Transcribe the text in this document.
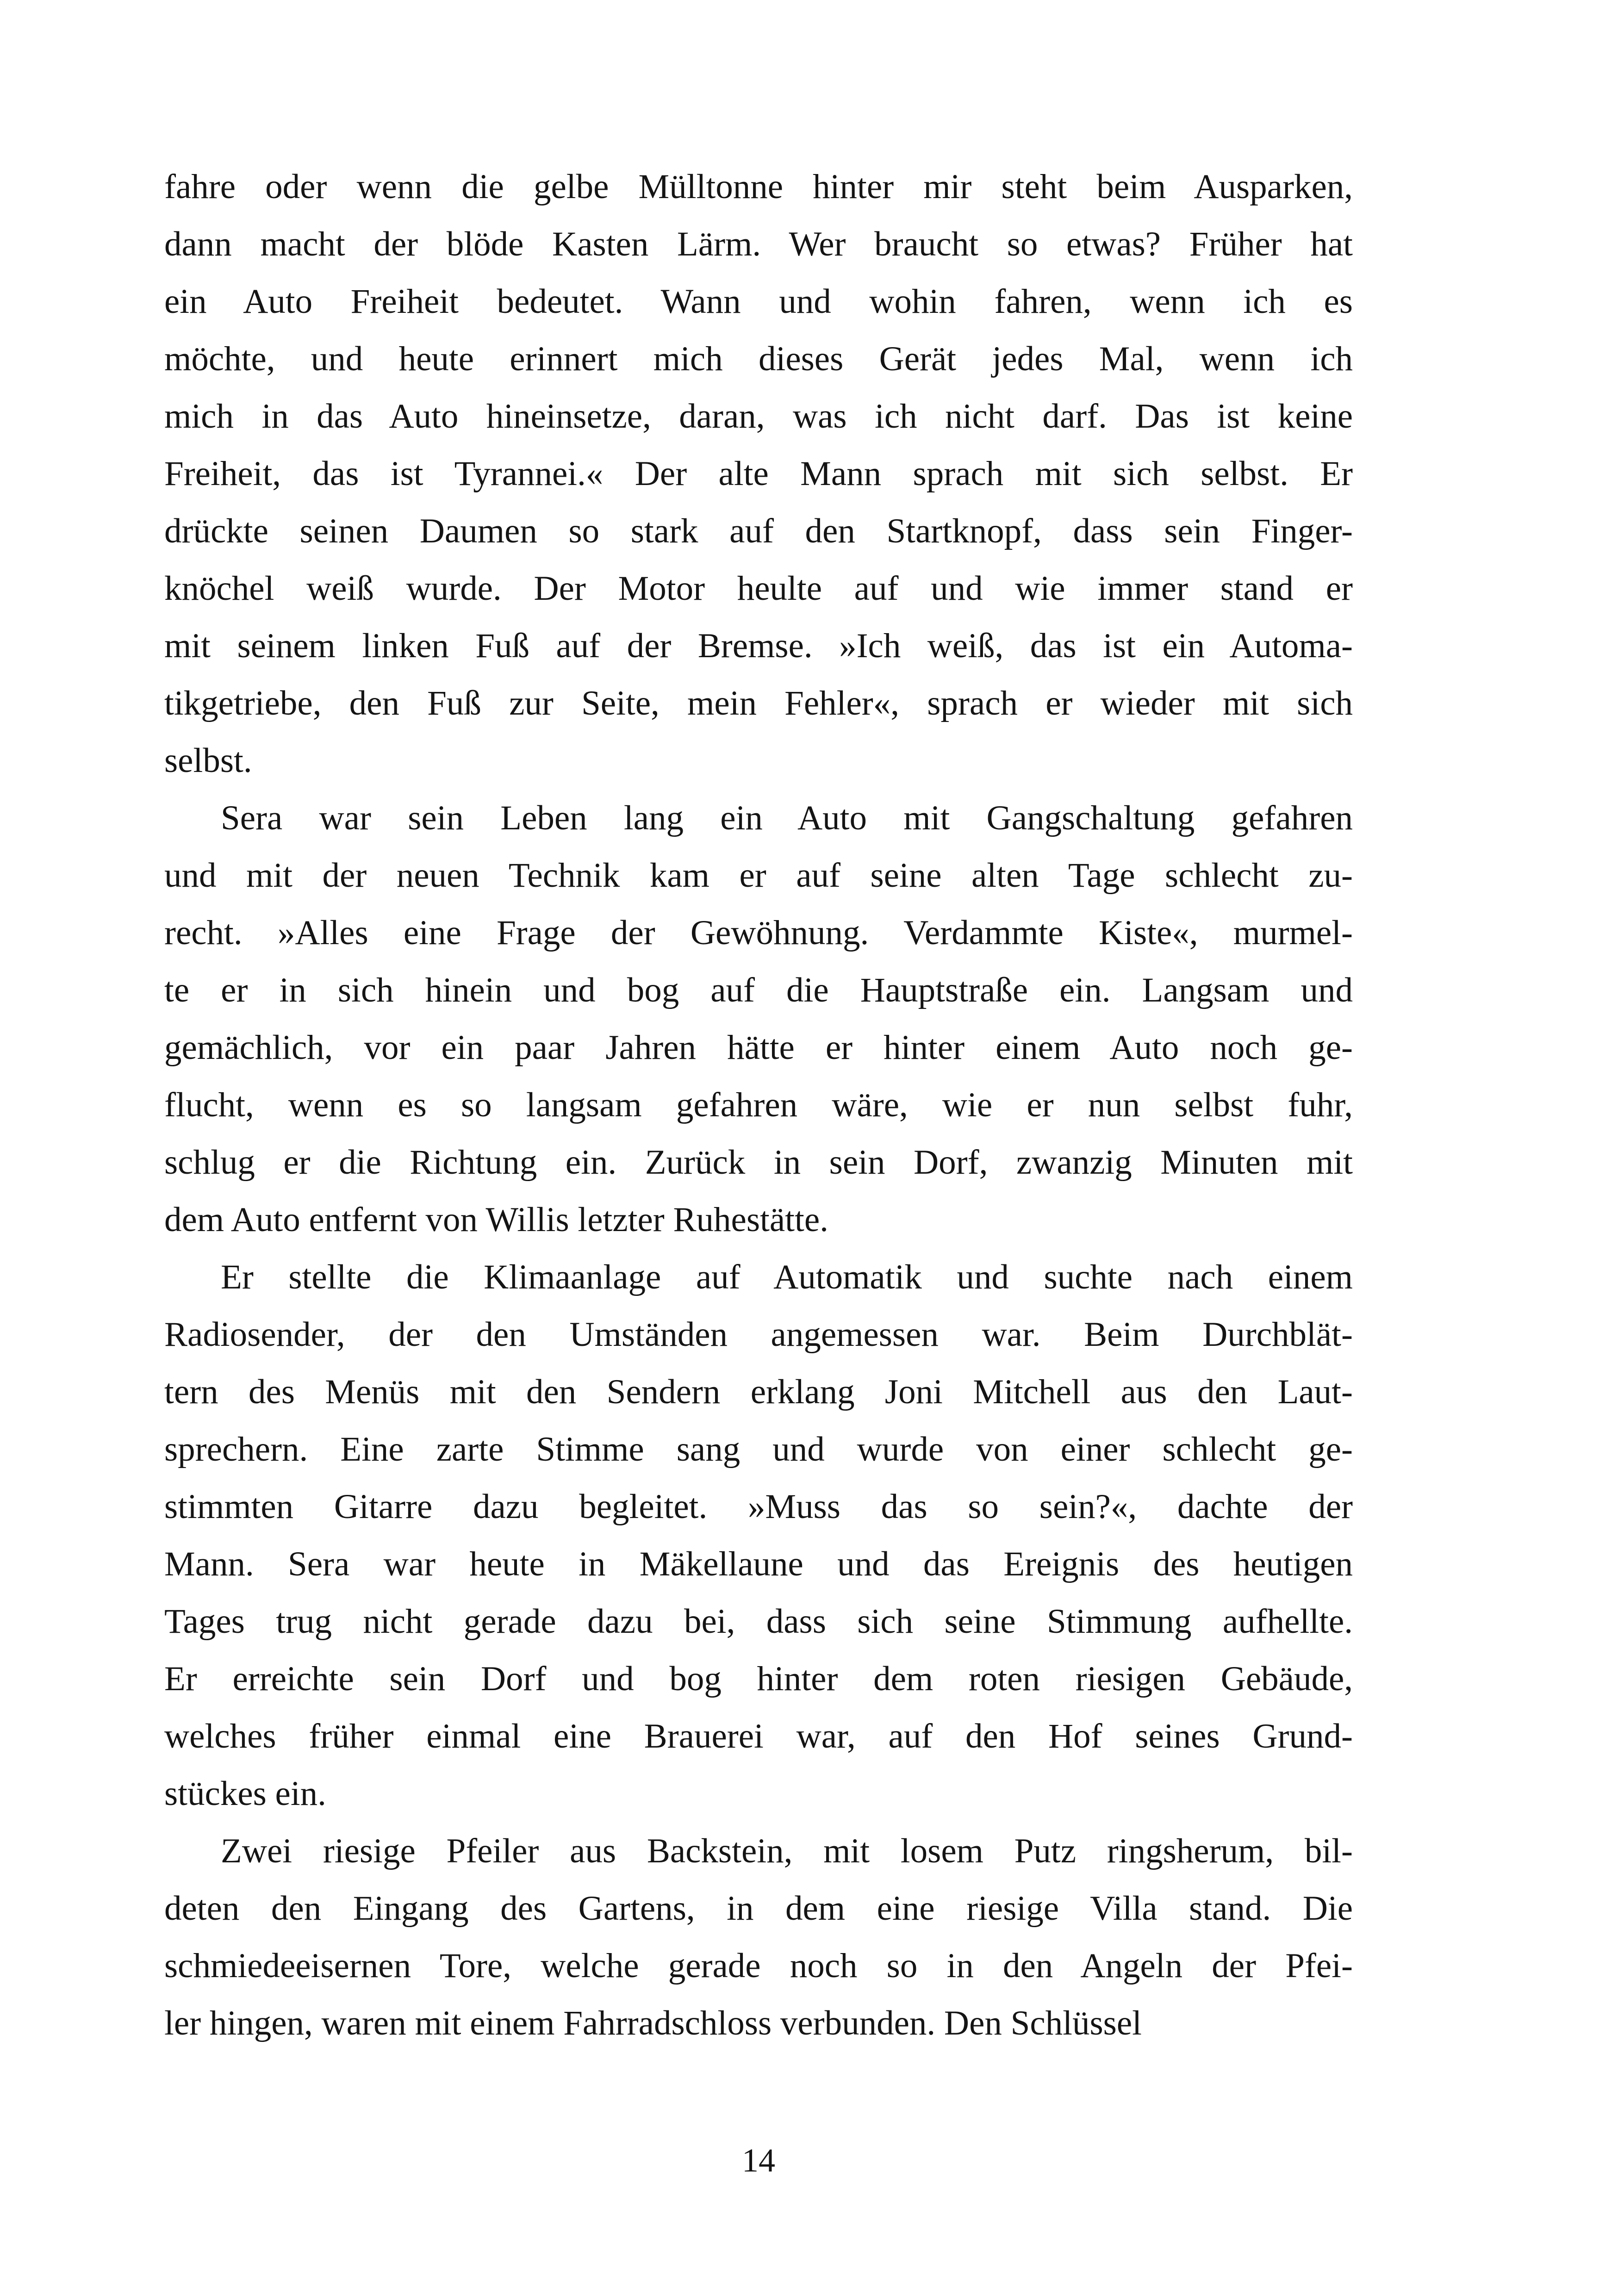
fahre oder wenn die gelbe Mülltonne hinter mir steht beim Ausparken,
dann macht der blöde Kasten Lärm. Wer braucht so etwas? Früher hat
ein Auto Freiheit bedeutet. Wann und wohin fahren, wenn ich es
möchte, und heute erinnert mich dieses Gerät jedes Mal, wenn ich
mich in das Auto hineinsetze, daran, was ich nicht darf. Das ist keine
Freiheit, das ist Tyrannei.« Der alte Mann sprach mit sich selbst. Er
drückte seinen Daumen so stark auf den Startknopf, dass sein Finger-
knöchel weiß wurde. Der Motor heulte auf und wie immer stand er
mit seinem linken Fuß auf der Bremse. »Ich weiß, das ist ein Automa-
tikgetriebe, den Fuß zur Seite, mein Fehler«, sprach er wieder mit sich
selbst.
Sera war sein Leben lang ein Auto mit Gangschaltung gefahren
und mit der neuen Technik kam er auf seine alten Tage schlecht zu-
recht. »Alles eine Frage der Gewöhnung. Verdammte Kiste«, murmel-
te er in sich hinein und bog auf die Hauptstraße ein. Langsam und
gemächlich, vor ein paar Jahren hätte er hinter einem Auto noch ge-
flucht, wenn es so langsam gefahren wäre, wie er nun selbst fuhr,
schlug er die Richtung ein. Zurück in sein Dorf, zwanzig Minuten mit
dem Auto entfernt von Willis letzter Ruhestätte.
Er stellte die Klimaanlage auf Automatik und suchte nach einem
Radiosender, der den Umständen angemessen war. Beim Durchblät-
tern des Menüs mit den Sendern erklang Joni Mitchell aus den Laut-
sprechern. Eine zarte Stimme sang und wurde von einer schlecht ge-
stimmten Gitarre dazu begleitet. »Muss das so sein?«, dachte der
Mann. Sera war heute in Mäkellaune und das Ereignis des heutigen
Tages trug nicht gerade dazu bei, dass sich seine Stimmung aufhellte.
Er erreichte sein Dorf und bog hinter dem roten riesigen Gebäude,
welches früher einmal eine Brauerei war, auf den Hof seines Grund-
stückes ein.
Zwei riesige Pfeiler aus Backstein, mit losem Putz ringsherum, bil-
deten den Eingang des Gartens, in dem eine riesige Villa stand. Die
schmiedeeisernen Tore, welche gerade noch so in den Angeln der Pfei-
ler hingen, waren mit einem Fahrradschloss verbunden. Den Schlüssel
14
